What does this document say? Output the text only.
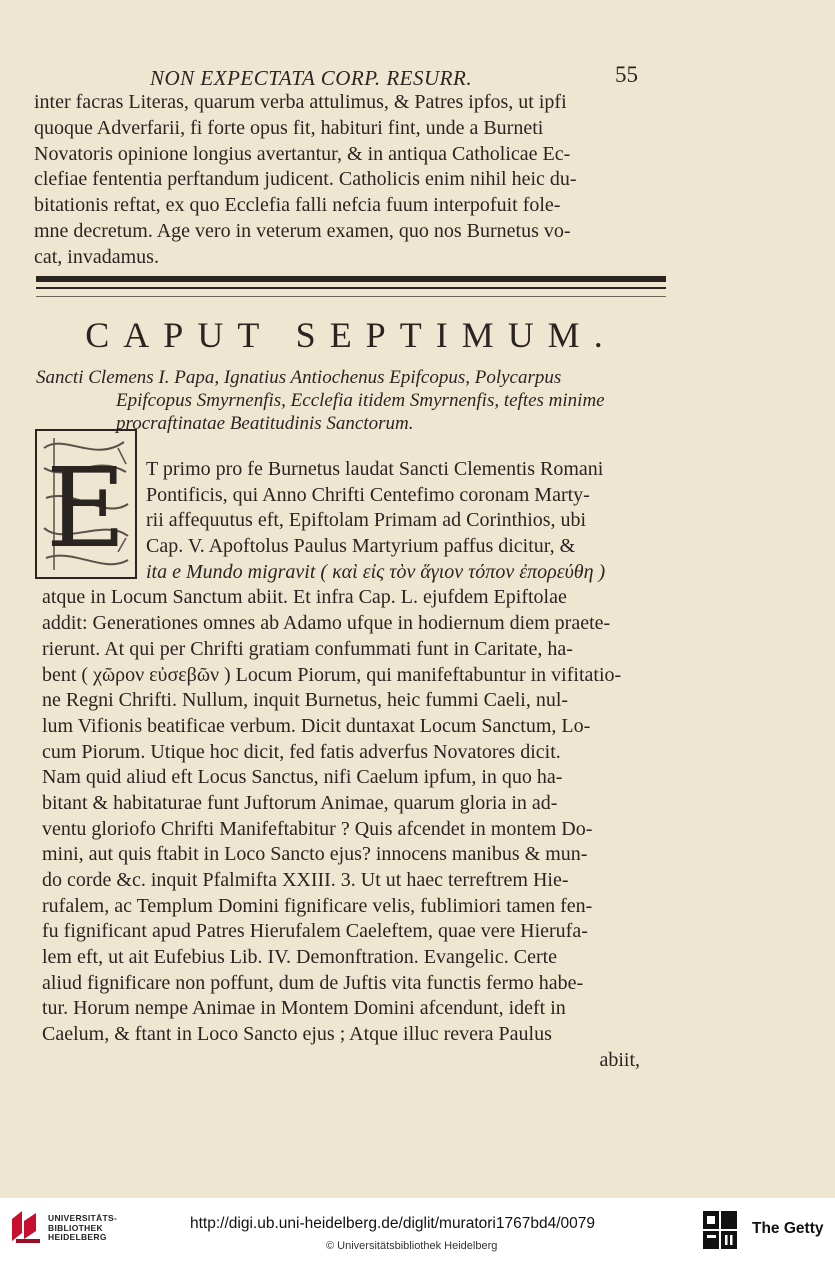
NON EXPECTATA CORP. RESURR.	55
inter facras Literas, quarum verba attulimus, & Patres ipfos, ut ipfi
quoque Adverfarii, fi forte opus fit, habituri fint, unde a Burneti
Novatoris opinione longius avertantur, & in antiqua Catholicae Ec-
clefiae fententia perftandum judicent. Catholicis enim nihil heic du-
bitationis reftat, ex quo Ecclefia falli nefcia fuum interpofuit fole-
mne decretum. Age vero in veterum examen, quo nos Burnetus vo-
cat, invadamus.
CAPUT SEPTIMUM.
Sancti Clemens I. Papa, Ignatius Antiochenus Epifcopus, Polycarpus
Epifcopus Smyrnenfis, Ecclefia itidem Smyrnenfis, teftes minime
procraftinatae Beatitudinis Sanctorum.
E T primo pro fe Burnetus laudat Sancti Clementis Romani
Pontificis, qui Anno Chrifti Centefimo coronam Marty-
rii affequutus eft, Epiftolam Primam ad Corinthios, ubi
Cap. V. Apoftolus Paulus Martyrium paffus dicitur, &
ita e Mundo migravit ( καὶ εἰς τὸν ἅγιον τόπον ἐπορεύθη )
atque in Locum Sanctum abiit. Et infra Cap. L. ejufdem Epiftolae
addit: Generationes omnes ab Adamo ufque in hodiernum diem praete-
rierunt. At qui per Chrifti gratiam confummati funt in Caritate, ha-
bent ( χῶρον εὐσεβῶν ) Locum Piorum, qui manifeftabuntur in vifitatio-
ne Regni Chrifti. Nullum, inquit Burnetus, heic fummi Caeli, nul-
lum Vifionis beatificae verbum. Dicit duntaxat Locum Sanctum, Lo-
cum Piorum. Utique hoc dicit, fed fatis adverfus Novatores dicit.
Nam quid aliud eft Locus Sanctus, nifi Caelum ipfum, in quo ha-
bitant & habitaturae funt Juftorum Animae, quarum gloria in ad-
ventu gloriofo Chrifti Manifeftabitur ? Quis afcendet in montem Do-
mini, aut quis ftabit in Loco Sancto ejus? innocens manibus & mun-
do corde &c. inquit Pfalmifta XXIII. 3. Ut ut haec terreftrem Hie-
rufalem, ac Templum Domini fignificare velis, fublimiori tamen fen-
fu fignificant apud Patres Hierufalem Caeleftem, quae vere Hierufa-
lem eft, ut ait Eufebius Lib. IV. Demonftration. Evangelic. Certe
aliud fignificare non poffunt, dum de Juftis vita functis fermo habe-
tur. Horum nempe Animae in Montem Domini afcendunt, ideft in
Caelum, & ftant in Loco Sancto ejus ; Atque illuc revera Paulus
abiit,
UNIVERSITÄTS-
BIBLIOTHEK
HEIDELBERG
http://digi.ub.uni-heidelberg.de/diglit/muratori1767bd4/0079
© Universitätsbibliothek Heidelberg
The Getty
